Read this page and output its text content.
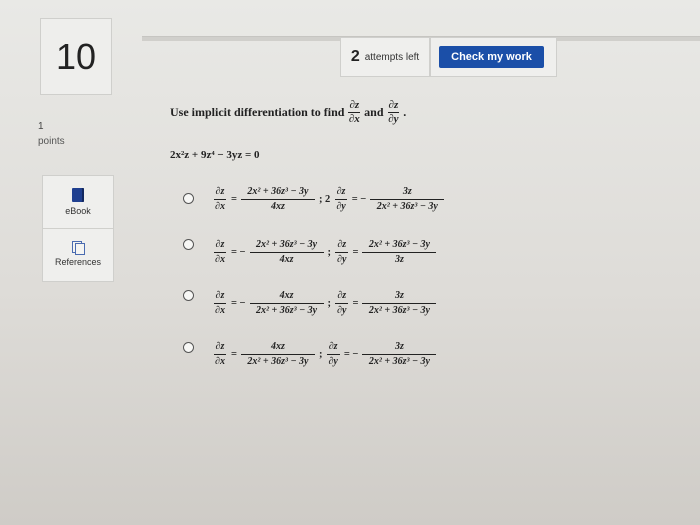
10
1
points
eBook
References
2 attempts left	Check my work
Use implicit differentiation to find $\frac{\partial z}{\partial x}$ and $\frac{\partial z}{\partial y}$ .
2x²z + 9z⁴ − 3yz = 0
$\frac{\partial z}{\partial x} = \frac{\text{2x² + 36z³ − 3y}}{4xz}$ ; $2 \frac{\partial z}{\partial y}$ = − $\frac{3z}{\text{2x² + 36z³ − 3y}}$
$\frac{\partial z}{\partial x}$ = − $\frac{\text{2x² + 36z³ − 3y}}{4xz}$ ; $\frac{\partial z}{\partial y} = \frac{\text{2x² + 36z³ − 3y}}{3z}$
$\frac{\partial z}{\partial x}$ = − $\frac{4xz}{\text{2x² + 36z³ − 3y}}$ ; $\frac{\partial z}{\partial y} = \frac{3z}{\text{2x² + 36z³ − 3y}}$
$\frac{\partial z}{\partial x} = \frac{4xz}{\text{2x² + 36z³ − 3y}}$ ; $\frac{\partial z}{\partial y}$ = − $\frac{3z}{\text{2x² + 36z³ − 3y}}$
